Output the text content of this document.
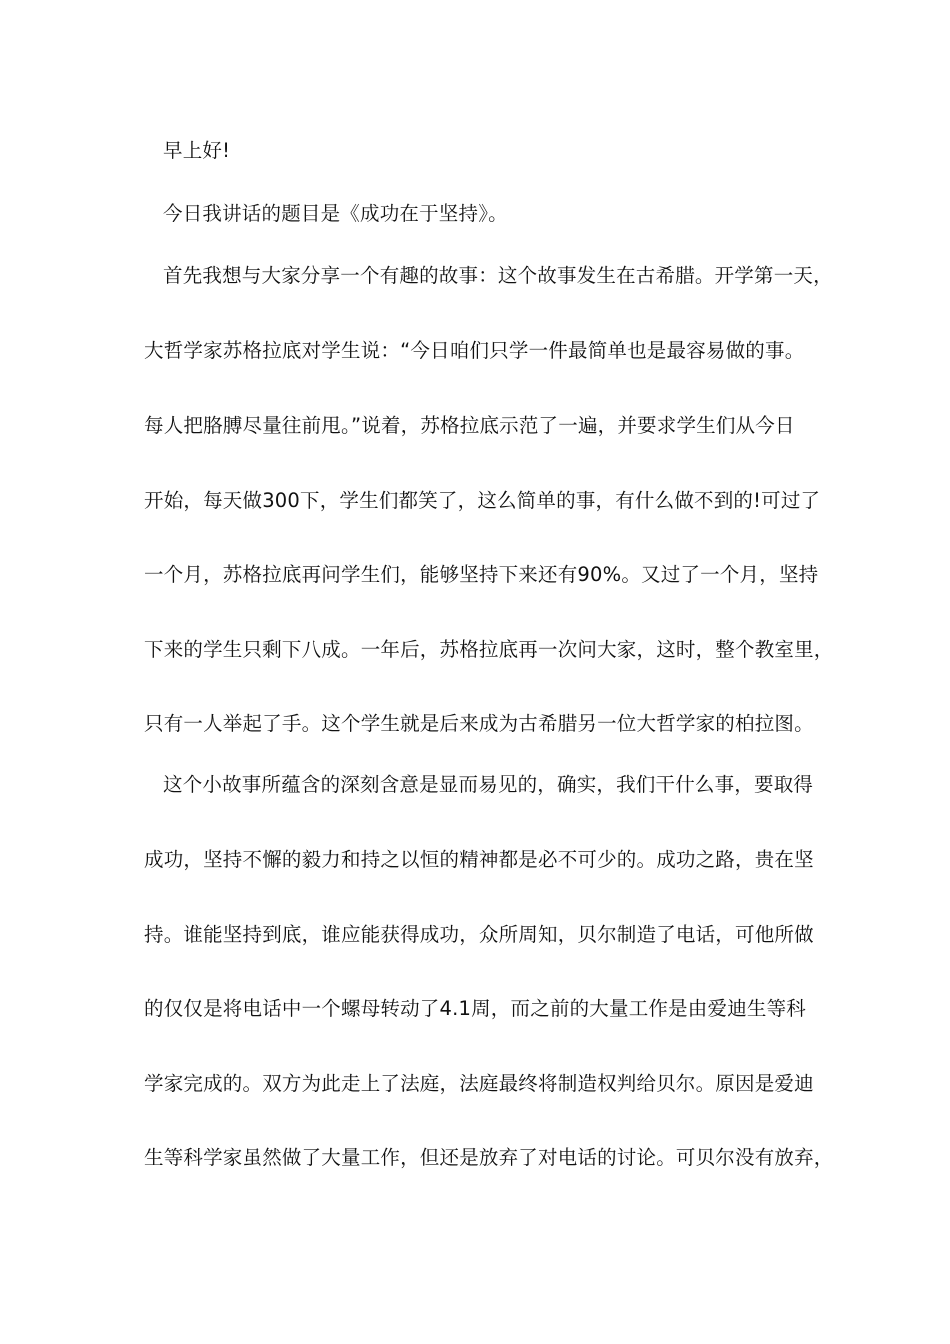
早上好!
今日我讲话的题目是《成功在于坚持》。
首先我想与大家分享一个有趣的故事：这个故事发生在古希腊。开学第一天，
大哲学家苏格拉底对学生说：“今日咱们只学一件最简单也是最容易做的事。
每人把胳膊尽量往前甩。”说着，苏格拉底示范了一遍，并要求学生们从今日
开始，每天做300下，学生们都笑了，这么简单的事，有什么做不到的!可过了
一个月，苏格拉底再问学生们，能够坚持下来还有90%。又过了一个月，坚持
下来的学生只剩下八成。一年后，苏格拉底再一次问大家，这时，整个教室里，
只有一人举起了手。这个学生就是后来成为古希腊另一位大哲学家的柏拉图。
这个小故事所蕴含的深刻含意是显而易见的，确实，我们干什么事，要取得
成功，坚持不懈的毅力和持之以恒的精神都是必不可少的。成功之路，贵在坚
持。谁能坚持到底，谁应能获得成功，众所周知，贝尔制造了电话，可他所做
的仅仅是将电话中一个螺母转动了4.1周，而之前的大量工作是由爱迪生等科
学家完成的。双方为此走上了法庭，法庭最终将制造权判给贝尔。原因是爱迪
生等科学家虽然做了大量工作，但还是放弃了对电话的讨论。可贝尔没有放弃，
